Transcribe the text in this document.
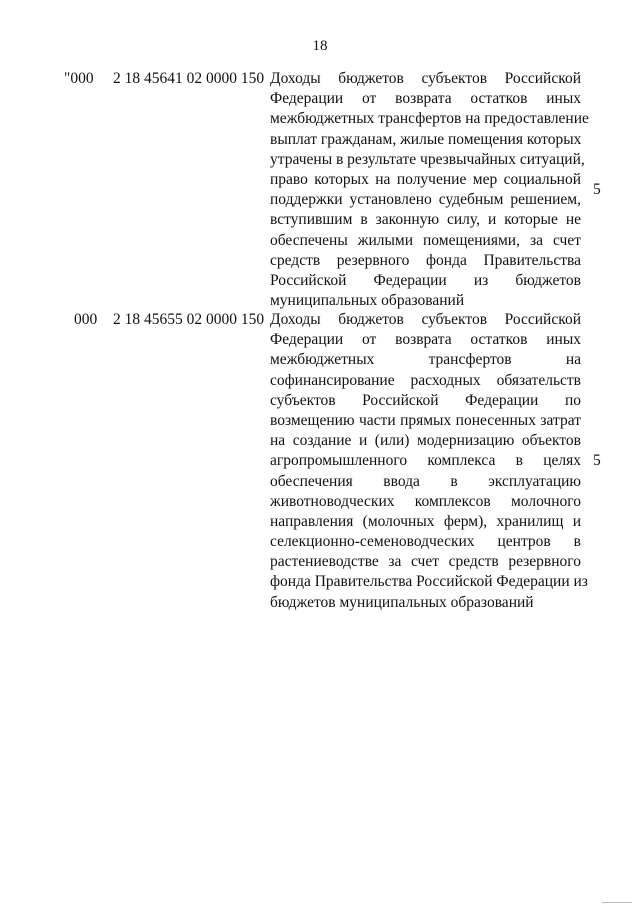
18
"000 2 18 45641 02 0000 150 Доходы бюджетов субъектов Российской
Федерации от возврата остатков иных
межбюджетных трансфертов на предоставление
выплат гражданам, жилые помещения которых
утрачены в результате чрезвычайных ситуаций,
право которых на получение мер социальной
поддержки установлено судебным решением,
вступившим в законную силу, и которые не
обеспечены жилыми помещениями, за счет
средств резервного фонда Правительства
Российской Федерации из бюджетов
муниципальных образований
5
000 2 18 45655 02 0000 150 Доходы бюджетов субъектов Российской
Федерации от возврата остатков иных
межбюджетных трансфертов на
софинансирование расходных обязательств
субъектов Российской Федерации по
возмещению части прямых понесенных затрат
на создание и (или) модернизацию объектов
агропромышленного комплекса в целях
обеспечения ввода в эксплуатацию
животноводческих комплексов молочного
направления (молочных ферм), хранилищ и
селекционно-семеноводческих центров в
растениеводстве за счет средств резервного
фонда Правительства Российской Федерации из
бюджетов муниципальных образований
5
